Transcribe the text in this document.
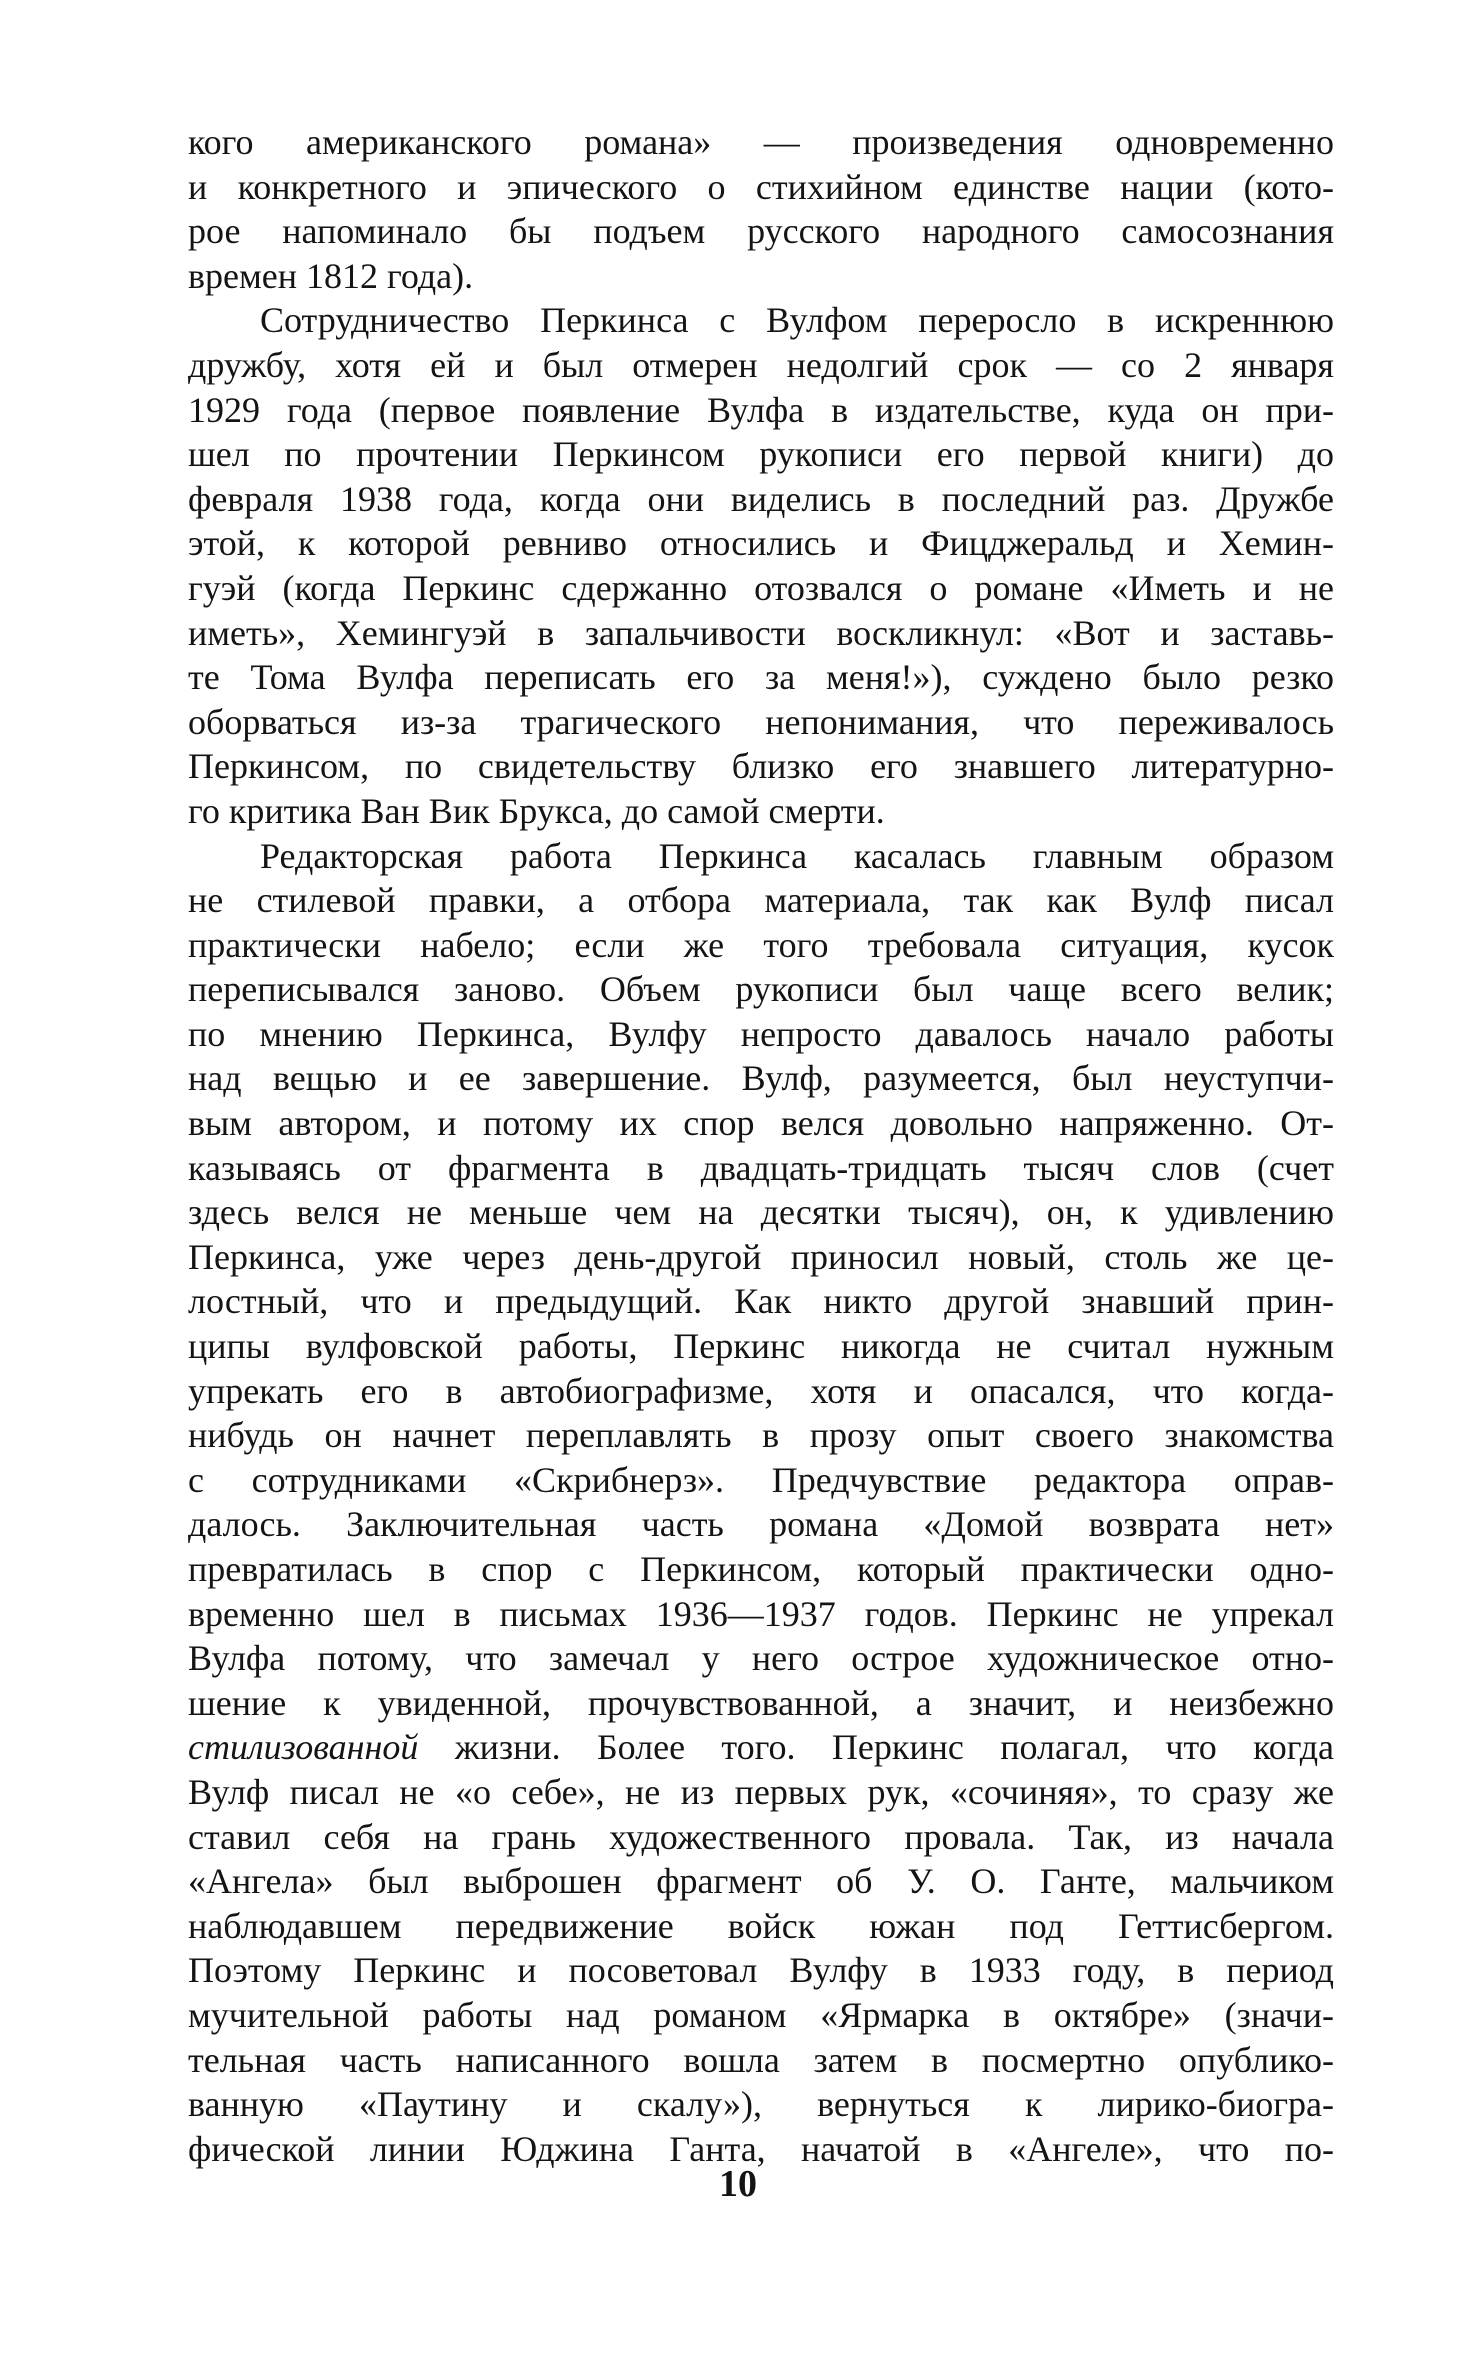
кого американского романа» — произведения одновременно
и конкретного и эпического о стихийном единстве нации (кото-
рое напоминало бы подъем русского народного самосознания
времен 1812 года).
Сотрудничество Перкинса с Вулфом переросло в искреннюю
дружбу, хотя ей и был отмерен недолгий срок — со 2 января
1929 года (первое появление Вулфа в издательстве, куда он при-
шел по прочтении Перкинсом рукописи его первой книги) до
февраля 1938 года, когда они виделись в последний раз. Дружбе
этой, к которой ревниво относились и Фицджеральд и Хемин-
гуэй (когда Перкинс сдержанно отозвался о романе «Иметь и не
иметь», Хемингуэй в запальчивости воскликнул: «Вот и заставь-
те Тома Вулфа переписать его за меня!»), суждено было резко
оборваться из-за трагического непонимания, что переживалось
Перкинсом, по свидетельству близко его знавшего литературно-
го критика Ван Вик Брукса, до самой смерти.
Редакторская работа Перкинса касалась главным образом
не стилевой правки, а отбора материала, так как Вулф писал
практически набело; если же того требовала ситуация, кусок
переписывался заново. Объем рукописи был чаще всего велик;
по мнению Перкинса, Вулфу непросто давалось начало работы
над вещью и ее завершение. Вулф, разумеется, был неуступчи-
вым автором, и потому их спор велся довольно напряженно. От-
казываясь от фрагмента в двадцать-тридцать тысяч слов (счет
здесь велся не меньше чем на десятки тысяч), он, к удивлению
Перкинса, уже через день-другой приносил новый, столь же це-
лостный, что и предыдущий. Как никто другой знавший прин-
ципы вулфовской работы, Перкинс никогда не считал нужным
упрекать его в автобиографизме, хотя и опасался, что когда-
нибудь он начнет переплавлять в прозу опыт своего знакомства
с сотрудниками «Скрибнерз». Предчувствие редактора оправ-
далось. Заключительная часть романа «Домой возврата нет»
превратилась в спор с Перкинсом, который практически одно-
временно шел в письмах 1936—1937 годов. Перкинс не упрекал
Вулфа потому, что замечал у него острое художническое отно-
шение к увиденной, прочувствованной, а значит, и неизбежно
стилизованной жизни. Более того. Перкинс полагал, что когда
Вулф писал не «о себе», не из первых рук, «сочиняя», то сразу же
ставил себя на грань художественного провала. Так, из начала
«Ангела» был выброшен фрагмент об У. О. Ганте, мальчиком
наблюдавшем передвижение войск южан под Геттисбергом.
Поэтому Перкинс и посоветовал Вулфу в 1933 году, в период
мучительной работы над романом «Ярмарка в октябре» (значи-
тельная часть написанного вошла затем в посмертно опублико-
ванную «Паутину и скалу»), вернуться к лирико-биогра-
фической линии Юджина Ганта, начатой в «Ангеле», что по-
10
